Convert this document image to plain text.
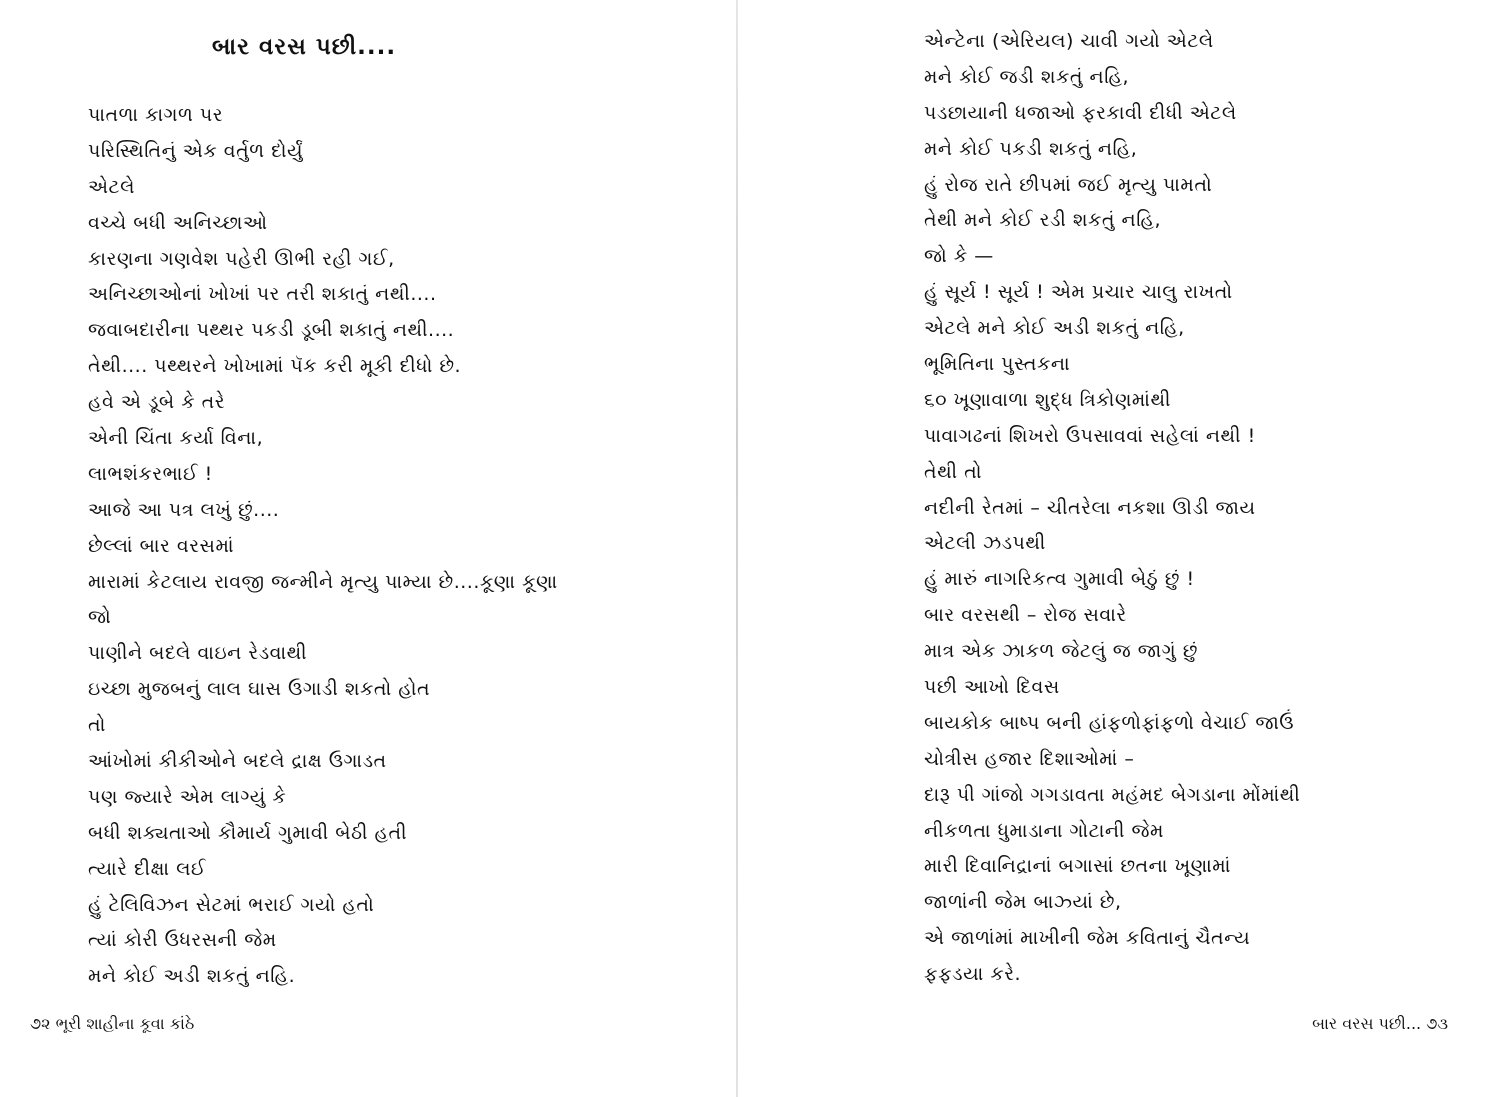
બાર વરસ પછી....
પાતળા કાગળ પર
પરિસ્થિતિનું એક વર્તુળ દોર્યું
એટલે
વચ્ચે બધી અનિચ્છાઓ
કારણના ગણવેશ પહેરી ઊભી રહી ગઈ,
અનિચ્છાઓનાં ખોખાં પર તરી શકાતું નથી....
જવાબદારીના પથ્થર પકડી ડૂબી શકાતું નથી....
તેથી.... પથ્થરને ખોખામાં પૅક કરી મૂકી દીધો છે.
હવે એ ડૂબે કે તરે
એની ચિંતા કર્યા વિના,
લાભશંકરભાઈ !
આજે આ પત્ર લખું છું....
છેલ્લાં બાર વરસમાં
મારામાં કેટલાય રાવજી જન્મીને મૃત્યુ પામ્યા છે....કૂણા કૂણા
જો
પાણીને બદલે વાઇન રેડવાથી
ઇચ્છા મુજબનું લાલ ઘાસ ઉગાડી શકતો હોત
તો
આંખોમાં કીકીઓને બદલે દ્રાક્ષ ઉગાડત
પણ જ્યારે એમ લાગ્યું કે
બધી શક્યતાઓ કૌમાર્ય ગુમાવી બેઠી હતી
ત્યારે દીક્ષા લઈ
હું ટેલિવિઝન સેટમાં ભરાઈ ગયો હતો
ત્યાં કોરી ઉધરસની જેમ
મને કોઈ અડી શકતું નહિ.
૭૨ ભૂરી શાહીના કૂવા કાંઠે
એન્ટેના (એરિયલ) ચાવી ગયો એટલે
મને કોઈ જડી શકતું નહિ,
પડછાયાની ધજાઓ ફરકાવી દીધી એટલે
મને કોઈ પકડી શકતું નહિ,
હું રોજ રાતે છીપમાં જઈ મૃત્યુ પામતો
તેથી મને કોઈ રડી શકતું નહિ,
જો કે —
હું સૂર્ય ! સૂર્ય ! એમ પ્રચાર ચાલુ રાખતો
એટલે મને કોઈ અડી શકતું નહિ,
ભૂમિતિના પુસ્તકના
૬૦ ખૂણાવાળા શુદ્ધ ત્રિકોણમાંથી
પાવાગઢનાં શિખરો ઉપસાવવાં સહેલાં નથી !
તેથી તો
નદીની રેતમાં – ચીતરેલા નકશા ઊડી જાય
એટલી ઝડપથી
હું મારું નાગરિકત્વ ગુમાવી બેઠું છું !
બાર વરસથી – રોજ સવારે
માત્ર એક ઝાકળ જેટલું જ જાગું છું
પછી આખો દિવસ
બાયકોક બાષ્પ બની હાંફળોફાંફળો વેચાઈ જાઉં
ચોત્રીસ હજાર દિશાઓમાં –
દારૂ પી ગાંજો ગગડાવતા મહંમદ બેગડાના મોંમાંથી
નીકળતા ધુમાડાના ગોટાની જેમ
મારી દિવાનિદ્રાનાં બગાસાં છતના ખૂણામાં
જાળાંની જેમ બાઝ્યાં છે,
એ જાળાંમાં માખીની જેમ કવિતાનું ચૈતન્ય
ફફડયા કરે.
બાર વરસ પછી... ૭૩
